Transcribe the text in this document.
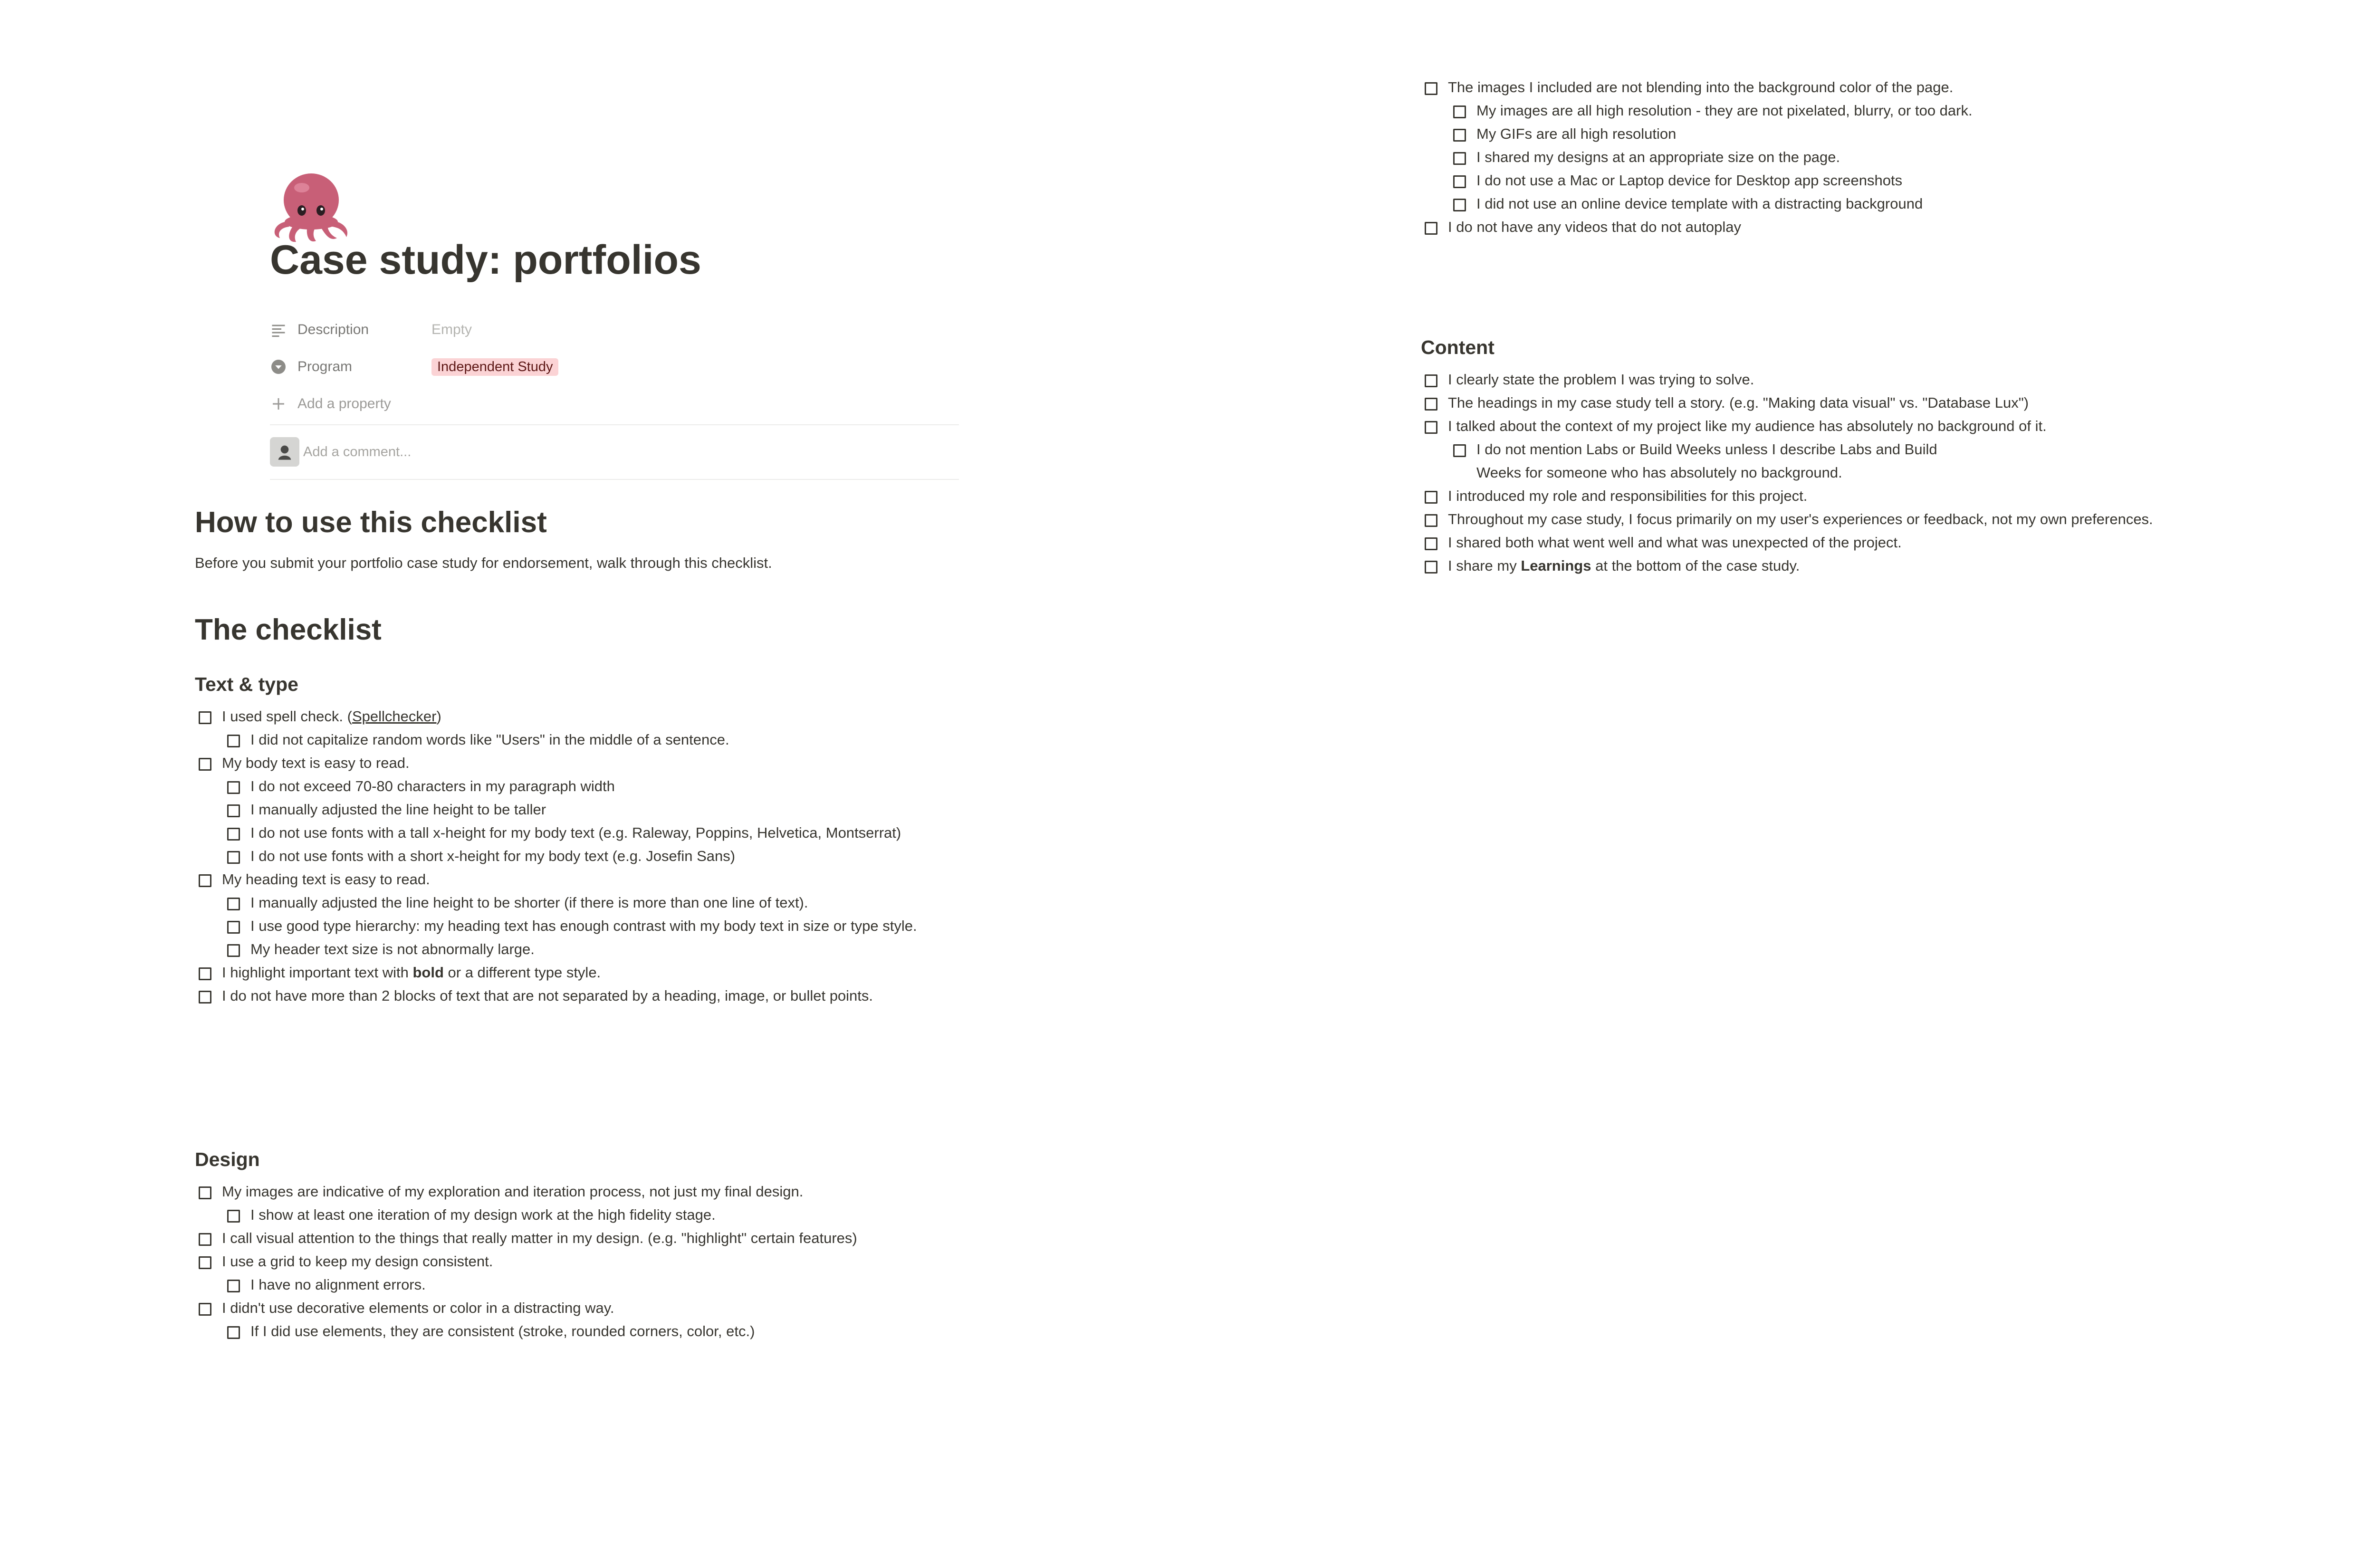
Case study: portfolios
Description	Empty
Program	Independent Study
Add a property
Add a comment...
How to use this checklist
Before you submit your portfolio case study for endorsement, walk through this checklist.
The checklist
Text & type
I used spell check. (Spellchecker)
I did not capitalize random words like "Users" in the middle of a sentence.
My body text is easy to read.
I do not exceed 70-80 characters in my paragraph width
I manually adjusted the line height to be taller
I do not use fonts with a tall x-height for my body text (e.g. Raleway, Poppins, Helvetica, Montserrat)
I do not use fonts with a short x-height for my body text (e.g. Josefin Sans)
My heading text is easy to read.
I manually adjusted the line height to be shorter (if there is more than one line of text).
I use good type hierarchy: my heading text has enough contrast with my body text in size or type style.
My header text size is not abnormally large.
I highlight important text with bold or a different type style.
I do not have more than 2 blocks of text that are not separated by a heading, image, or bullet points.
Design
My images are indicative of my exploration and iteration process, not just my final design.
I show at least one iteration of my design work at the high fidelity stage.
I call visual attention to the things that really matter in my design. (e.g. "highlight" certain features)
I use a grid to keep my design consistent.
I have no alignment errors.
I didn't use decorative elements or color in a distracting way.
If I did use elements, they are consistent (stroke, rounded corners, color, etc.)
The images I included are not blending into the background color of the page.
My images are all high resolution - they are not pixelated, blurry, or too dark.
My GIFs are all high resolution
I shared my designs at an appropriate size on the page.
I do not use a Mac or Laptop device for Desktop app screenshots
I did not use an online device template with a distracting background
I do not have any videos that do not autoplay
Content
I clearly state the problem I was trying to solve.
The headings in my case study tell a story. (e.g. "Making data visual" vs. "Database Lux")
I talked about the context of my project like my audience has absolutely no background of it.
I do not mention Labs or Build Weeks unless I describe Labs and Build Weeks for someone who has absolutely no background.
I introduced my role and responsibilities for this project.
Throughout my case study, I focus primarily on my user's experiences or feedback, not my own preferences.
I shared both what went well and what was unexpected of the project.
I share my Learnings at the bottom of the case study.
